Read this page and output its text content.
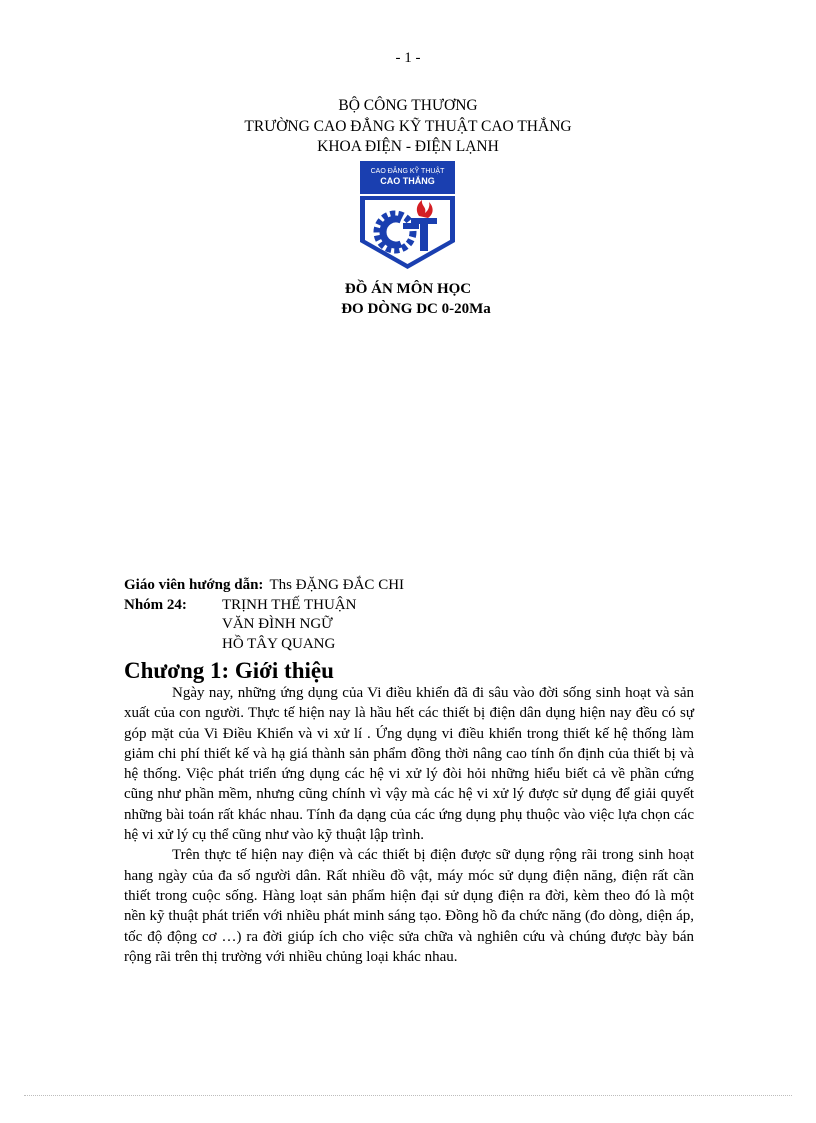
- 1 -
BỘ CÔNG THƯƠNG
TRƯỜNG CAO ĐẲNG KỸ THUẬT CAO THẮNG
KHOA ĐIỆN - ĐIỆN LẠNH
CAO ĐẲNG KỸ THUẬT
CAO THẮNG
ĐỒ ÁN MÔN HỌC
ĐO DÒNG DC 0-20Ma
Giáo viên hướng dẫn: Ths ĐẶNG ĐẮC CHI
Nhóm 24:	TRỊNH THẾ THUẬN
VĂN ĐÌNH NGỮ
HỒ TÂY QUANG
Chương 1: Giới thiệu

Ngày nay, những ứng dụng của Vi điều khiển đã đi sâu vào đời sống sinh hoạt và sản xuất của con người. Thực tế hiện nay là hầu hết các thiết bị điện dân dụng hiện nay đều có sự góp mặt của Vi Điều Khiển và vi xử lí . Ứng dụng vi điều khiển trong thiết kế hệ thống làm giảm chi phí thiết kế và hạ giá thành sản phẩm đồng thời nâng cao tính ổn định của thiết bị và hệ thống. Việc phát triển ứng dụng các hệ vi xử lý đòi hỏi những hiểu biết cả về phần cứng cũng như phần mềm, nhưng cũng chính vì vậy mà các hệ vi xử lý được sử dụng để giải quyết những bài toán rất khác nhau. Tính đa dạng của các ứng dụng phụ thuộc vào việc lựa chọn các hệ vi xử lý cụ thể cũng như vào kỹ thuật lập trình.

Trên thực tế hiện nay điện và các thiết bị điện được sữ dụng rộng rãi trong sinh hoạt hang ngày của đa số người dân. Rất nhiều đồ vật, máy móc sử dụng điện năng, điện rất cần thiết trong cuộc sống. Hàng loạt sản phẩm hiện đại sử dụng điện ra đời, kèm theo đó là một nền kỹ thuật phát triển với nhiều phát minh sáng tạo. Đồng hồ đa chức năng (đo dòng, diện áp, tốc độ động cơ …) ra đời giúp ích cho việc sửa chữa và nghiên cứu và chúng được bày bán rộng rãi trên thị trường với nhiều chủng loại khác nhau.
